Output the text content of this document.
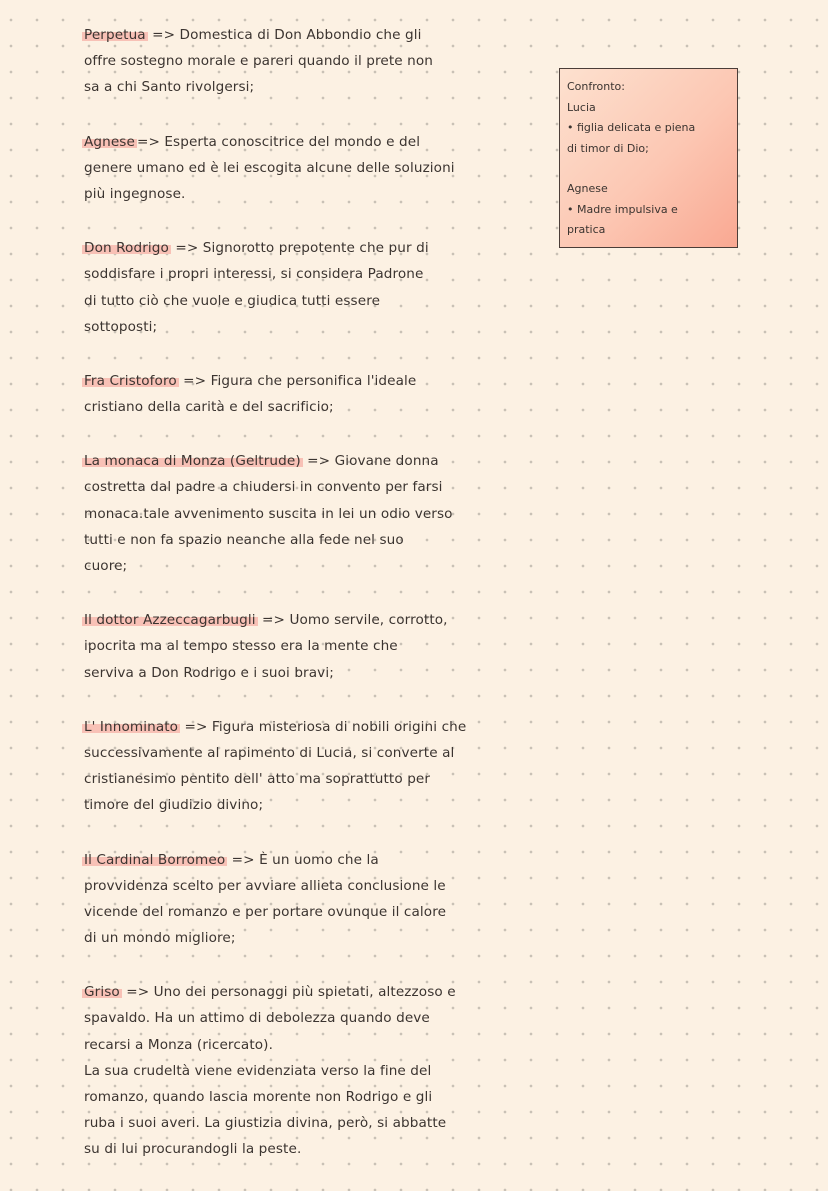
Perpetua => Domestica di Don Abbondio che gli
offre sostegno morale e pareri quando il prete non
sa a chi Santo rivolgersi;
Agnese => Esperta conoscitrice del mondo e del
genere umano ed è lei escogita alcune delle soluzioni
più ingegnose.
Don Rodrigo => Signorotto prepotente che pur di
soddisfare i propri interessi, si considera Padrone
di tutto ciò che vuole e giudica tutti essere
sottoposti;
Fra Cristoforo => Figura che personifica l'ideale
cristiano della carità e del sacrificio;
La monaca di Monza (Geltrude) => Giovane donna
costretta dal padre a chiudersi in convento per farsi
monaca.tale avvenimento suscita in lei un odio verso
tutti e non fa spazio neanche alla fede nel suo
cuore;
Il dottor Azzeccagarbugli => Uomo servile, corrotto,
ipocrita ma al tempo stesso era la mente che
serviva a Don Rodrigo e i suoi bravi;
L' Innominato => Figura misteriosa di nobili origini che
successivamente al rapimento di Lucia, si converte al
cristianesimo pentito dell' atto ma soprattutto per
timore del giudizio divino;
Il Cardinal Borromeo => È un uomo che la
provvidenza scelto per avviare allieta conclusione le
vicende del romanzo e per portare ovunque il calore
di un mondo migliore;
Griso => Uno dei personaggi più spietati, altezzoso e
spavaldo. Ha un attimo di debolezza quando deve
recarsi a Monza (ricercato).
La sua crudeltà viene evidenziata verso la fine del
romanzo, quando lascia morente non Rodrigo e gli
ruba i suoi averi. La giustizia divina, però, si abbatte
su di lui procurandogli la peste.
Confronto:
Lucia
• figlia delicata e piena
di timor di Dio;
Agnese
• Madre impulsiva e
pratica
